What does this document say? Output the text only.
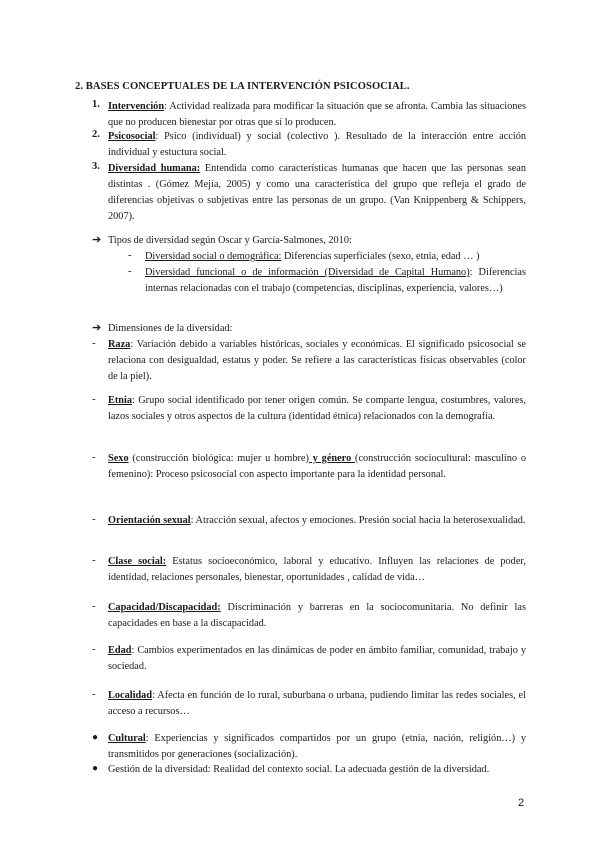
2. BASES CONCEPTUALES DE LA INTERVENCIÓN PSICOSOCIAL.
1. Intervención: Actividad realizada para modificar la situación que se afronta. Cambia las situaciones que no producen bienestar por otras que sí lo producen.
2. Psicosocial: Psico (individual) y social (colectivo ). Resultado de la interacción entre acción individual y estuctura social.
3. Diversidad humana: Entendida como características humanas que hacen que las personas sean distintas . (Gómez Mejía, 2005) y como una característica del grupo que refleja el grado de diferencias objetivas o subjetivas entre las personas de un grupo. (Van Knippenberg & Schippers, 2007).
➔ Tipos de diversidad según Oscar y García-Salmones, 2010:
- Diversidad social o demográfica: Diferencias superficiales (sexo, etnia, edad … )
- Diversidad funcional o de información (Diversidad de Capital Humano): Diferencias internas relacionadas con el trabajo (competencias, disciplinas, experiencia, valores…)
➔ Dimensiones de la diversidad:
- Raza: Variación debido a variables históricas, sociales y económicas. El significado psicosocial se relaciona con desigualdad, estatus y poder. Se refiere a las características físicas observables (color de la piel).
- Etnia: Grupo social identificado por tener origen común. Se comparte lengua, costumbres, valores, lazos sociales y otros aspectos de la cultura (identidad étnica) relacionados con la demografía.
- Sexo (construcción biológica: mujer u hombre) y género (construcción sociocultural: masculino o femenino): Proceso psicosocial con aspecto importante para la identidad personal.
- Orientación sexual: Atracción sexual, afectos y emociones. Presión social hacia la heterosexualidad.
- Clase social: Estatus socioeconómico, laboral y educativo. Influyen las relaciones de poder, identidad, relaciones personales, bienestar, oportunidades , calidad de vida…
- Capacidad/Discapacidad: Discriminación y barreras en la sociocomunitaria. No definir las capacidades en base a la discapacidad.
- Edad: Cambios experimentados en las dinámicas de poder en ámbito familiar, comunidad, trabajo y sociedad.
- Localidad: Afecta en función de lo rural, suburbana o urbana, pudiendo limitar las redes sociales, el acceso a recursos…
● Cultural: Experiencias y significados compartidos por un grupo (etnia, nación, religión…) y transmitidos por generaciones (socialización).
● Gestión de la diversidad: Realidad del contexto social. La adecuada gestión de la diversidad.
2
